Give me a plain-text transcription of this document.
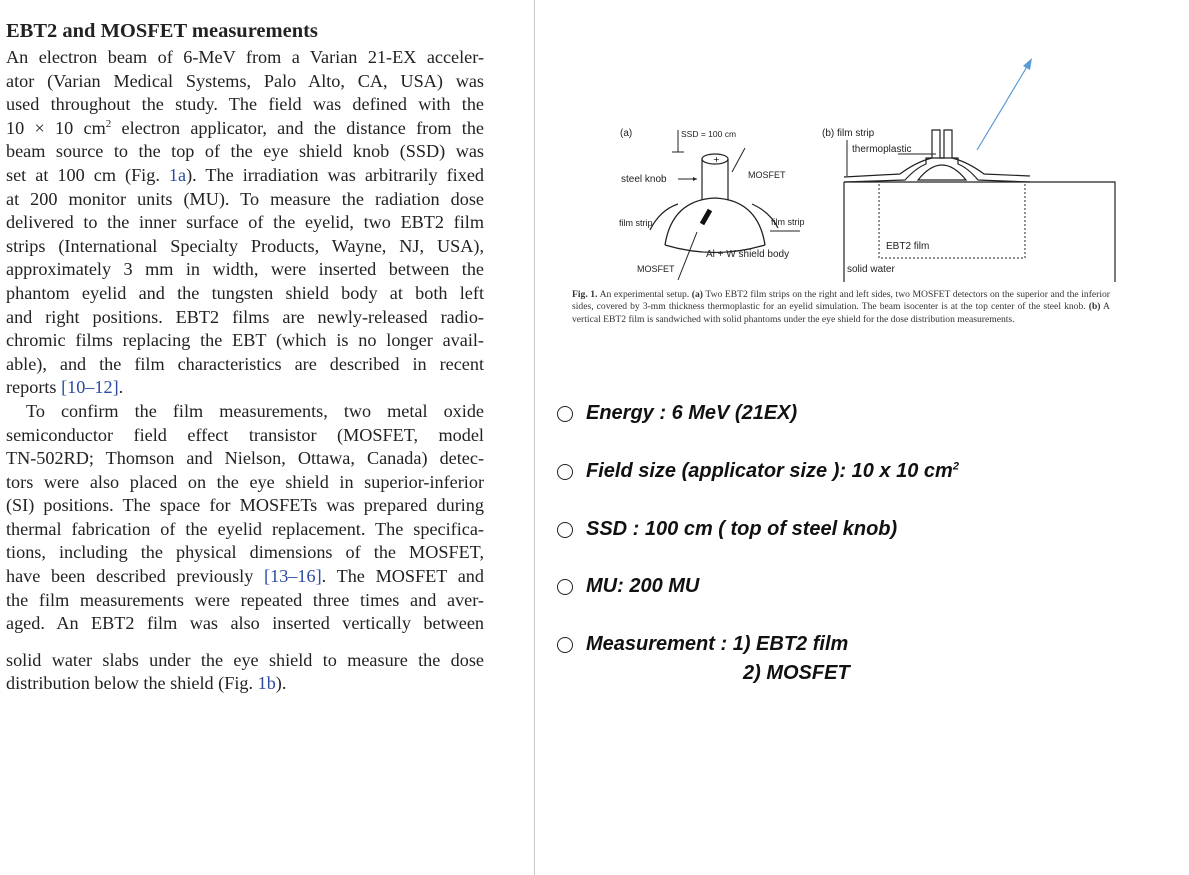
EBT2 and MOSFET measurements
An electron beam of 6-MeV from a Varian 21-EX acceler-
ator (Varian Medical Systems, Palo Alto, CA, USA) was
used throughout the study. The field was defined with the
10 × 10 $cm^2$ electron applicator, and the distance from the
beam source to the top of the eye shield knob (SSD) was
set at 100 cm (Fig. 1a). The irradiation was arbitrarily fixed
at 200 monitor units (MU). To measure the radiation dose
delivered to the inner surface of the eyelid, two EBT2 film
strips (International Specialty Products, Wayne, NJ, USA),
approximately 3 mm in width, were inserted between the
phantom eyelid and the tungsten shield body at both left
and right positions. EBT2 films are newly-released radio-
chromic films replacing the EBT (which is no longer avail-
able), and the film characteristics are described in recent
reports [10–12].
To confirm the film measurements, two metal oxide
semiconductor field effect transistor (MOSFET, model
TN-502RD; Thomson and Nielson, Ottawa, Canada) detec-
tors were also placed on the eye shield in superior-inferior
(SI) positions. The space for MOSFETs was prepared during
thermal fabrication of the eyelid replacement. The specifica-
tions, including the physical dimensions of the MOSFET,
have been described previously [13–16]. The MOSFET and
the film measurements were repeated three times and aver-
aged. An EBT2 film was also inserted vertically between
solid water slabs under the eye shield to measure the dose
distribution below the shield (Fig. 1b).
(a)	SSD = 100 cm
steel knob
+
MOSFET
film strip	film strip
Al + W shield body
MOSFET
(b) film strip
thermoplastic
EBT2 film
solid water
Fig. 1. An experimental setup. (a) Two EBT2 film strips on the right and left sides, two MOSFET detectors on the superior and the inferior sides, covered by 3-mm thickness thermoplastic for an eyelid simulation. The beam isocenter is at the top center of the steel knob. (b) A vertical EBT2 film is sandwiched with solid phantoms under the eye shield for the dose distribution measurements.
Energy : 6 MeV (21EX)
Field size (applicator size ): 10 x 10 $cm^2$
SSD : 100 cm ( top of steel knob)
MU: 200 MU
Measurement : 1) EBT2 film
2) MOSFET
